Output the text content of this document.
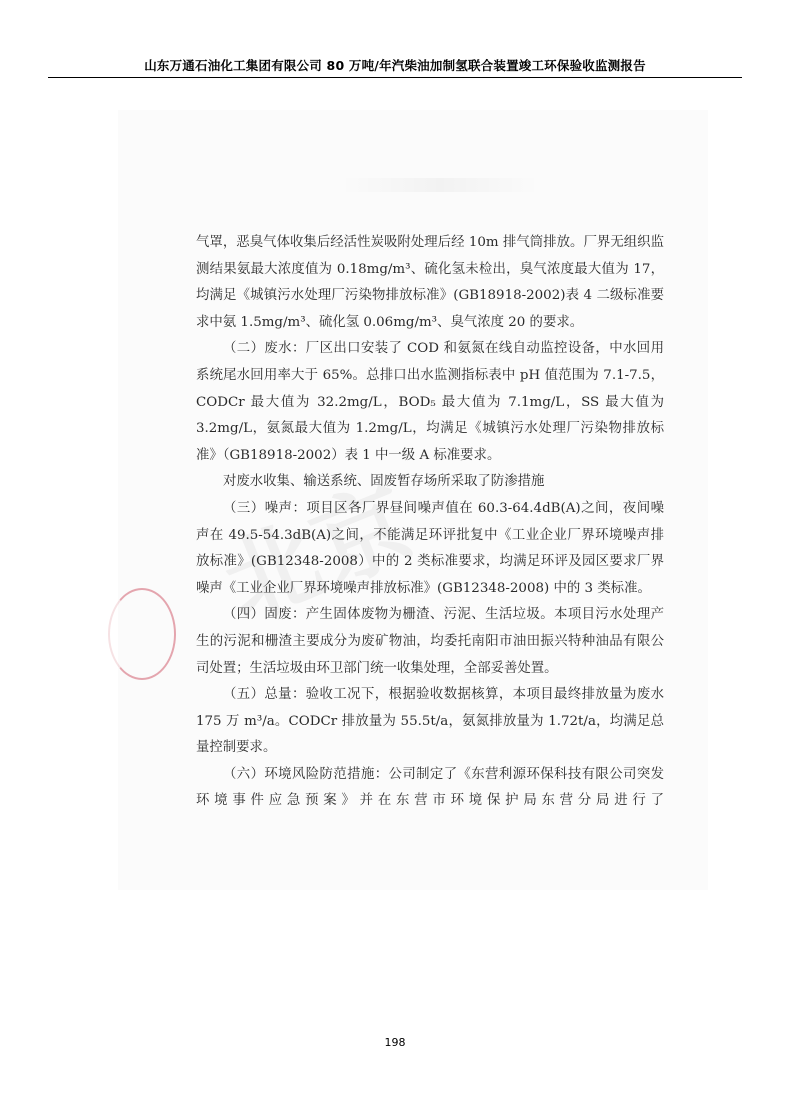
山东万通石油化工集团有限公司 80 万吨/年汽柴油加制氢联合装置竣工环保验收监测报告

气罩，恶臭气体收集后经活性炭吸附处理后经 10m 排气筒排放。厂界无组织监测结果氨最大浓度值为 0.18mg/m³、硫化氢未检出，臭气浓度最大值为 17，均满足《城镇污水处理厂污染物排放标准》(GB18918-2002)表 4 二级标准要求中氨 1.5mg/m³、硫化氢 0.06mg/m³、臭气浓度 20 的要求。

（二）废水：厂区出口安装了 COD 和氨氮在线自动监控设备，中水回用系统尾水回用率大于 65%。总排口出水监测指标表中 pH 值范围为 7.1-7.5，CODCr 最大值为 32.2mg/L，BOD₅ 最大值为 7.1mg/L，SS 最大值为 3.2mg/L，氨氮最大值为 1.2mg/L，均满足《城镇污水处理厂污染物排放标准》（GB18918-2002）表 1 中一级 A 标准要求。

对废水收集、输送系统、固废暂存场所采取了防渗措施

（三）噪声：项目区各厂界昼间噪声值在 60.3-64.4dB(A)之间，夜间噪声在 49.5-54.3dB(A)之间，不能满足环评批复中《工业企业厂界环境噪声排放标准》(GB12348-2008）中的 2 类标准要求，均满足环评及园区要求厂界噪声《工业企业厂界环境噪声排放标准》(GB12348-2008) 中的 3 类标准。

（四）固废：产生固体废物为栅渣、污泥、生活垃圾。本项目污水处理产生的污泥和栅渣主要成分为废矿物油，均委托南阳市油田振兴特种油品有限公司处置；生活垃圾由环卫部门统一收集处理，全部妥善处置。

（五）总量：验收工况下，根据验收数据核算，本项目最终排放量为废水 175 万 m³/a。CODCr 排放量为 55.5t/a，氨氮排放量为 1.72t/a，均满足总量控制要求。

（六）环境风险防范措施：公司制定了《东营利源环保科技有限公司突发环境事件应急预案》并在东营市环境保护局东营分局进行了

198
